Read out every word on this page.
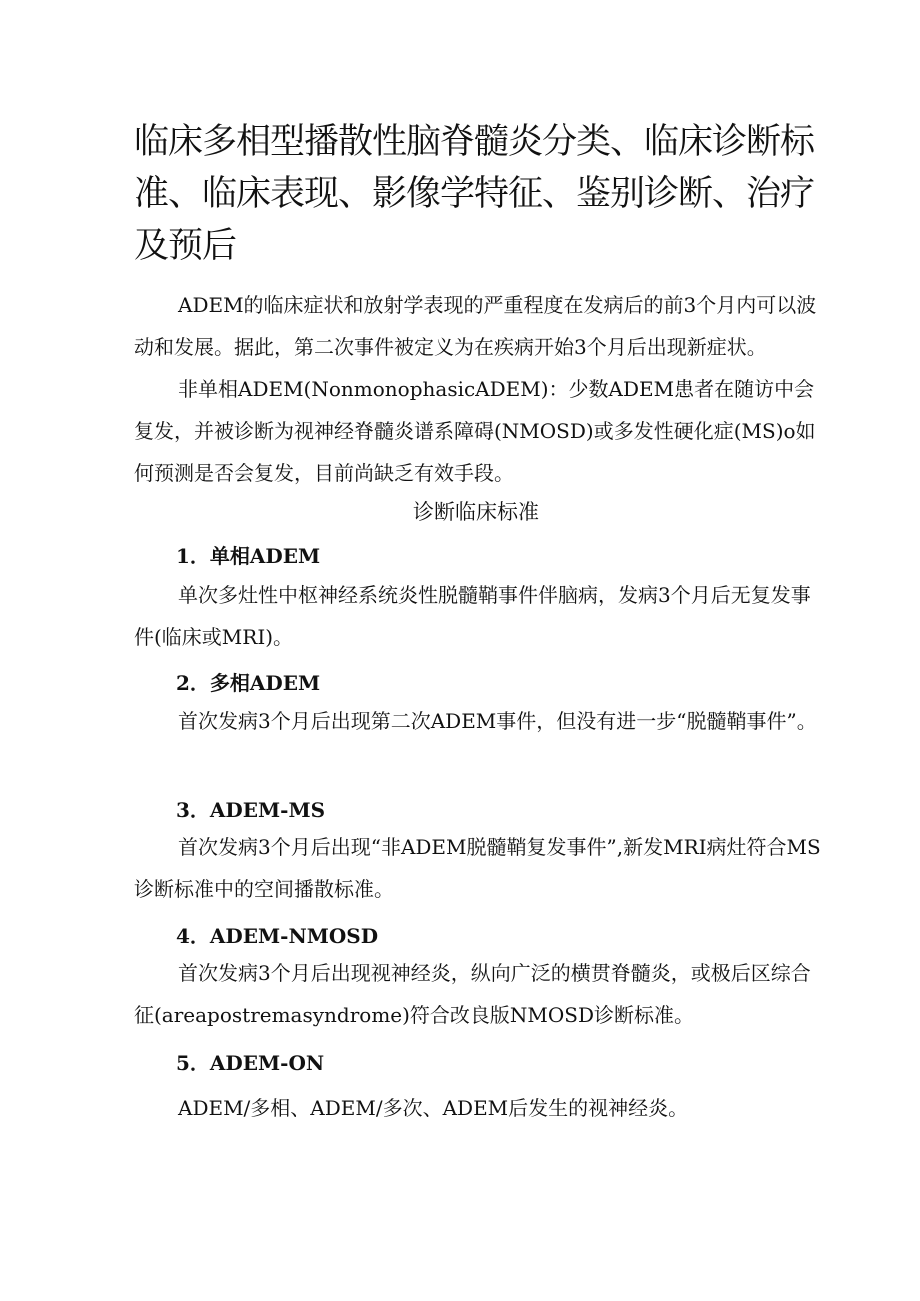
临床多相型播散性脑脊髓炎分类、临床诊断标准、临床表现、影像学特征、鉴别诊断、治疗及预后

ADEM的临床症状和放射学表现的严重程度在发病后的前3个月内可以波动和发展。据此，第二次事件被定义为在疾病开始3个月后出现新症状。

非单相ADEM(NonmonophasicADEM)：少数ADEM患者在随访中会复发，并被诊断为视神经脊髓炎谱系障碍(NMOSD)或多发性硬化症(MS)o如何预测是否会复发，目前尚缺乏有效手段。

诊断临床标准
1．单相ADEM

单次多灶性中枢神经系统炎性脱髓鞘事件伴脑病，发病3个月后无复发事件(临床或MRI)。

2．多相ADEM

首次发病3个月后出现第二次ADEM事件，但没有进一步“脱髓鞘事件”。

3．ADEM-MS

首次发病3个月后出现“非ADEM脱髓鞘复发事件”,新发MRI病灶符合MS诊断标准中的空间播散标准。

4．ADEM-NMOSD

首次发病3个月后出现视神经炎，纵向广泛的横贯脊髓炎，或极后区综合征(areapostremasyndrome)符合改良版NMOSD诊断标准。

5．ADEM-ON

ADEM/多相、ADEM/多次、ADEM后发生的视神经炎。
